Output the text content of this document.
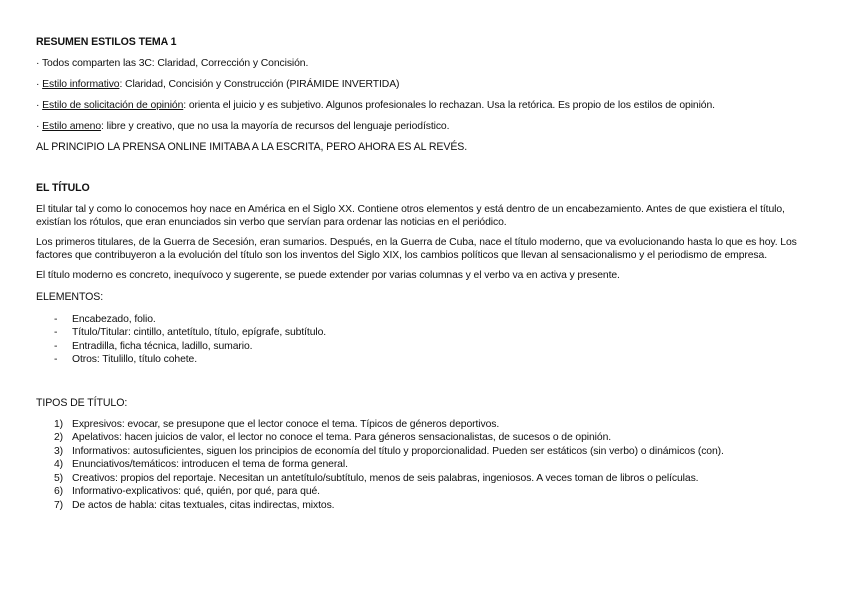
RESUMEN ESTILOS TEMA 1

· Todos comparten las 3C: Claridad, Corrección y Concisión.

· Estilo informativo: Claridad, Concisión y Construcción (PIRÁMIDE INVERTIDA)

· Estilo de solicitación de opinión: orienta el juicio y es subjetivo. Algunos profesionales lo rechazan. Usa la retórica. Es propio de los estilos de opinión.

· Estilo ameno: libre y creativo, que no usa la mayoría de recursos del lenguaje periodístico.

AL PRINCIPIO LA PRENSA ONLINE IMITABA A LA ESCRITA, PERO AHORA ES AL REVÉS.

EL TÍTULO

El titular tal y como lo conocemos hoy nace en América en el Siglo XX. Contiene otros elementos y está dentro de un encabezamiento. Antes de que existiera el título, existían los rótulos, que eran enunciados sin verbo que servían para ordenar las noticias en el periódico.

Los primeros titulares, de la Guerra de Secesión, eran sumarios. Después, en la Guerra de Cuba, nace el título moderno, que va evolucionando hasta lo que es hoy. Los factores que contribuyeron a la evolución del título son los inventos del Siglo XIX, los cambios políticos que llevan al sensacionalismo y el periodismo de empresa.

El título moderno es concreto, inequívoco y sugerente, se puede extender por varias columnas y el verbo va en activa y presente.

ELEMENTOS:

- Encabezado, folio.
- Título/Titular: cintillo, antetítulo, título, epígrafe, subtítulo.
- Entradilla, ficha técnica, ladillo, sumario.
- Otros: Titulillo, título cohete.

TIPOS DE TÍTULO:

1) Expresivos: evocar, se presupone que el lector conoce el tema. Típicos de géneros deportivos.
2) Apelativos: hacen juicios de valor, el lector no conoce el tema. Para géneros sensacionalistas, de sucesos o de opinión.
3) Informativos: autosuficientes, siguen los principios de economía del título y proporcionalidad. Pueden ser estáticos (sin verbo) o dinámicos (con).
4) Enunciativos/temáticos: introducen el tema de forma general.
5) Creativos: propios del reportaje. Necesitan un antetítulo/subtítulo, menos de seis palabras, ingeniosos. A veces toman de libros o películas.
6) Informativo-explicativos: qué, quién, por qué, para qué.
7) De actos de habla: citas textuales, citas indirectas, mixtos.
